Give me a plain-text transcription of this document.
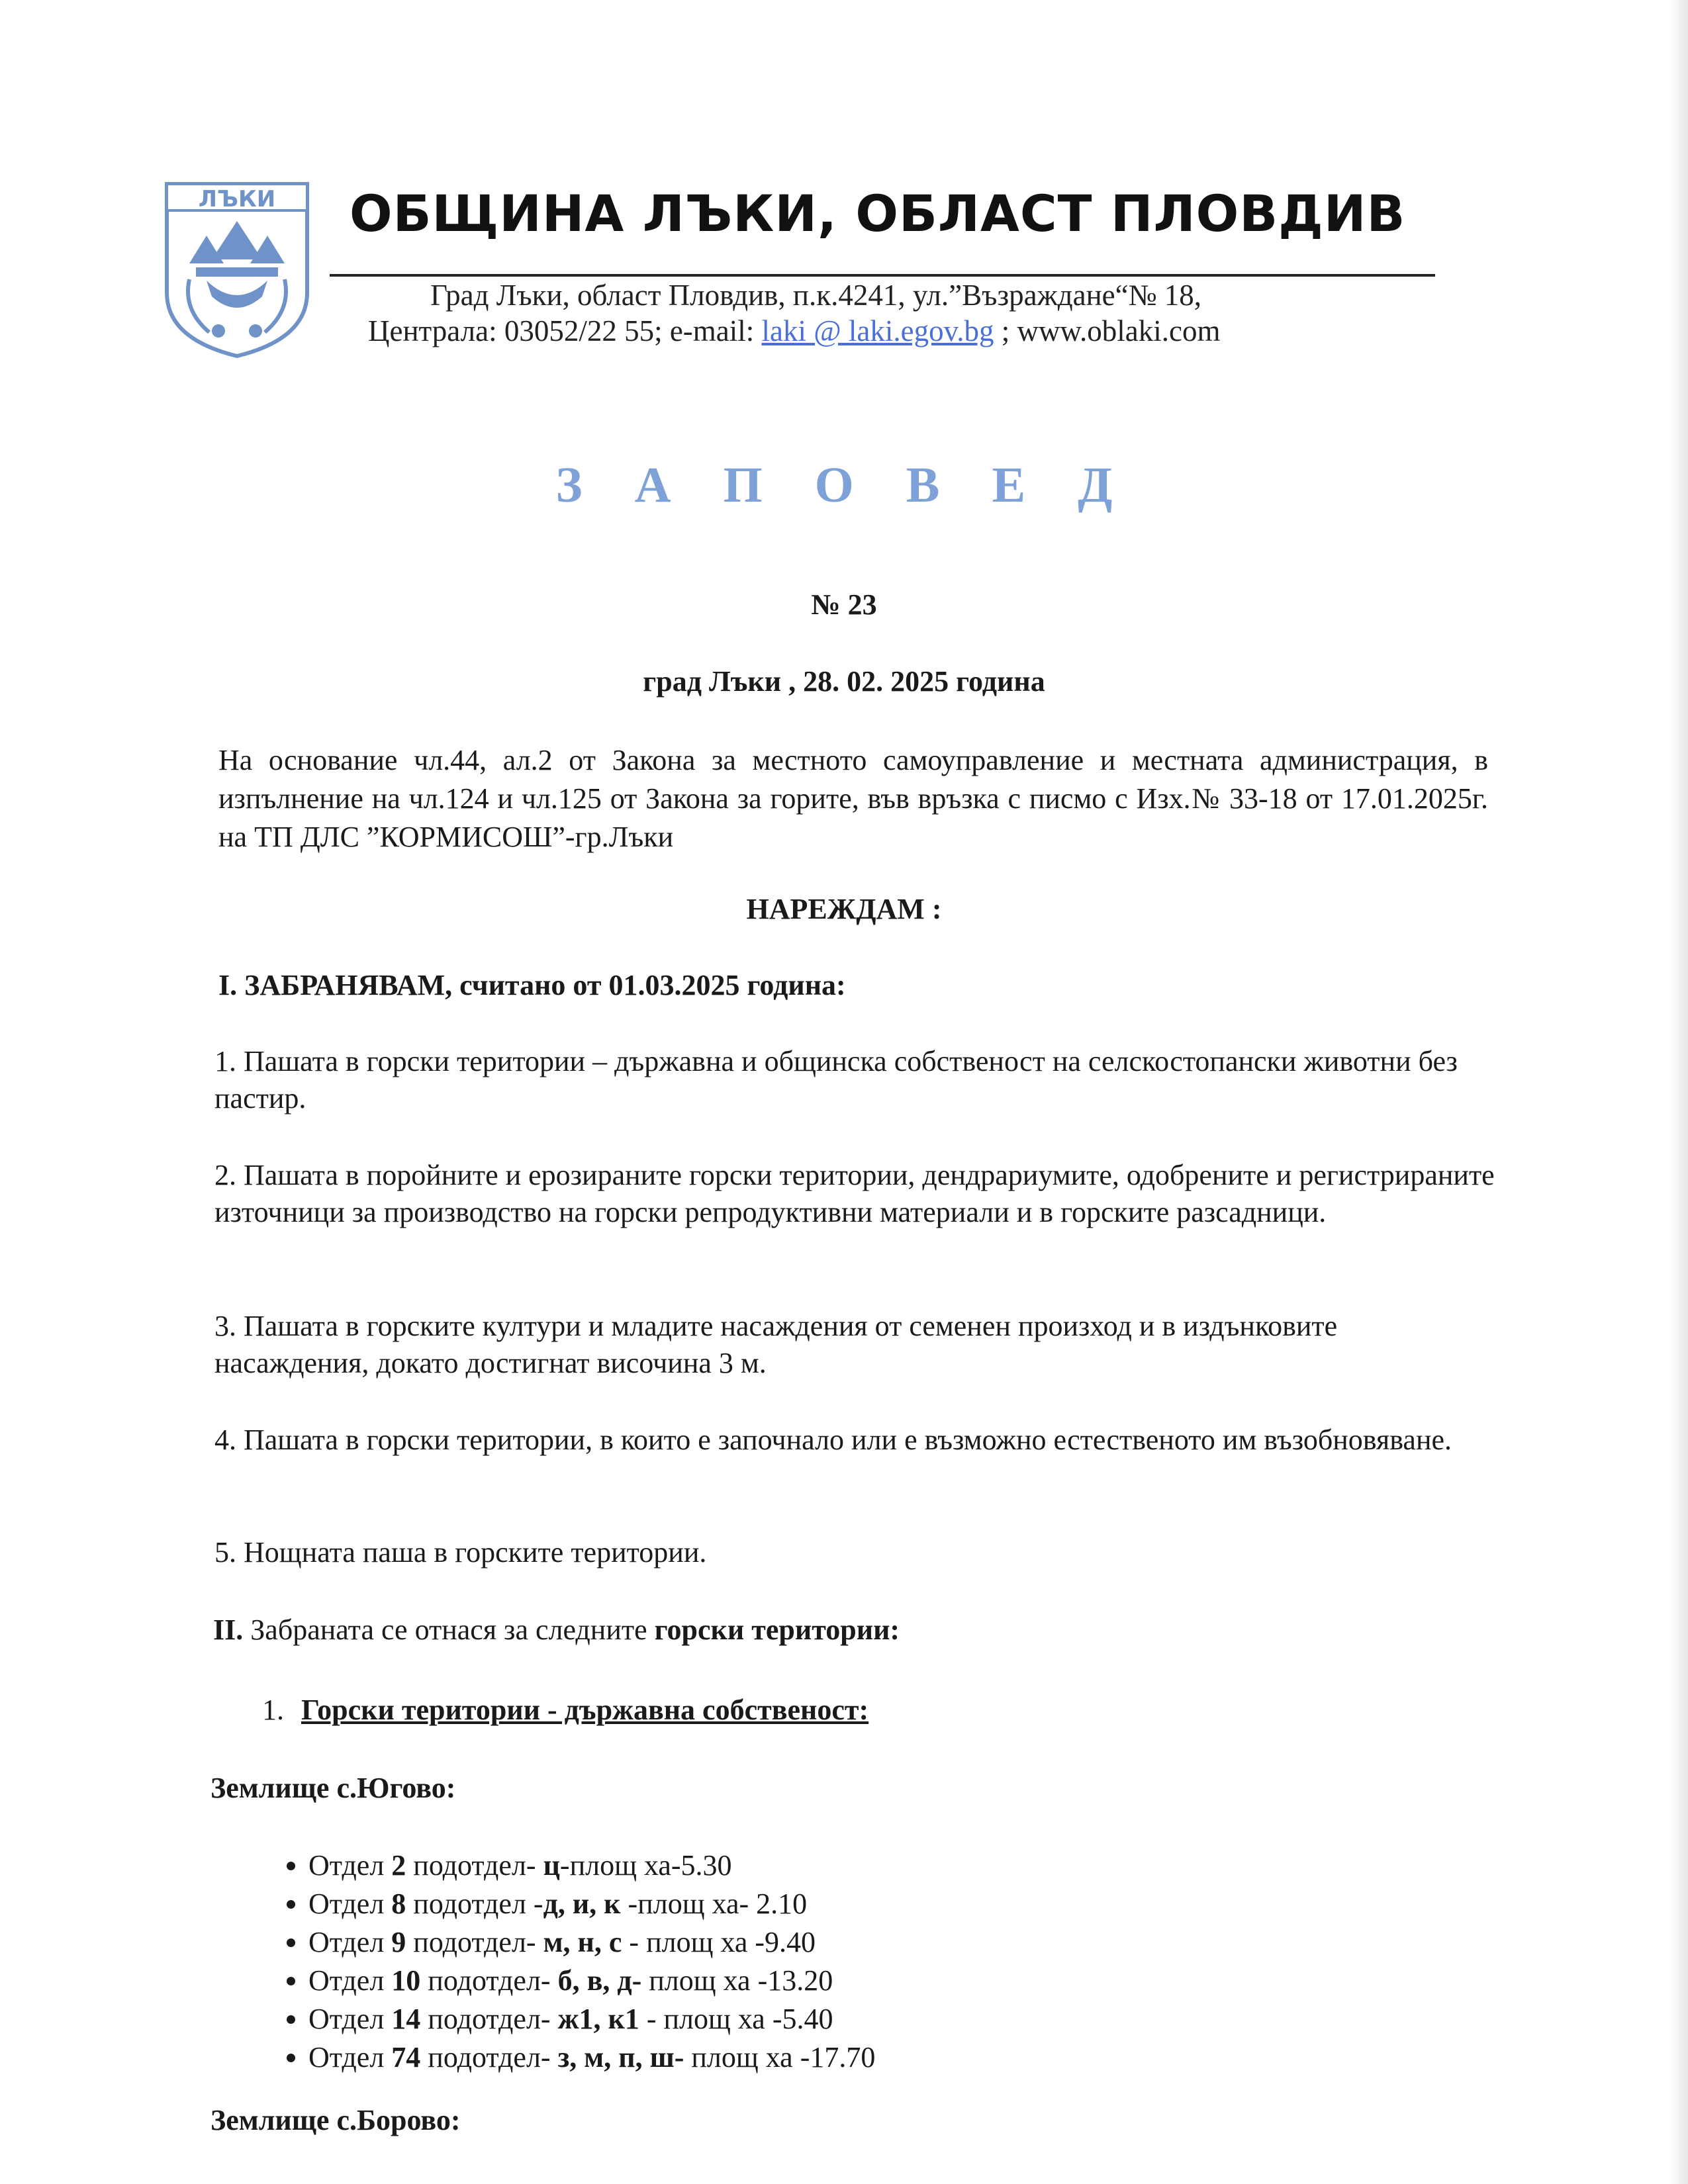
ЛЪКИ ОБЩИНА ЛЪКИ, ОБЛАСТ ПЛОВДИВ
Град Лъки, област Пловдив, п.к.4241, ул.”Възраждане“№ 18,
Централа: 03052/22 55; e-mail: laki @ laki.egov.bg ; www.oblaki.com
З А П О В Е Д
№ 23
град Лъки , 28. 02. 2025 година
На основание чл.44, ал.2 от Закона за местното самоуправление и местната администрация, в изпълнение на чл.124 и чл.125 от Закона за горите, във връзка с писмо с Изх.№ 33-18 от 17.01.2025г. на ТП ДЛС ”КОРМИСОШ”-гр.Лъки
НАРЕЖДАМ :
I. ЗАБРАНЯВАМ, считано от 01.03.2025 година:
1. Пашата в горски територии – държавна и общинска собственост на селскостопански животни без пастир.
2. Пашата в поройните и ерозираните горски територии, дендрариумите, одобрените и регистрираните източници за производство на горски репродуктивни материали и в горските разсадници.
3. Пашата в горските култури и младите насаждения от семенен произход и в издънковите насаждения, докато достигнат височина 3 м.
4. Пашата в горски територии, в които е започнало или е възможно естественото им възобновяване.
5. Нощната паша в горските територии.
II. Забраната се отнася за следните горски територии:
1. Горски територии - държавна собственост:
Землище с.Югово:
• Отдел 2 подотдел- ц-площ ха-5.30
• Отдел 8 подотдел -д, и, к -площ ха- 2.10
• Отдел 9 подотдел- м, н, с - площ ха -9.40
• Отдел 10 подотдел- б, в, д- площ ха -13.20
• Отдел 14 подотдел- ж1, к1 - площ ха -5.40
• Отдел 74 подотдел- з, м, п, ш- площ ха -17.70
Землище с.Борово:
